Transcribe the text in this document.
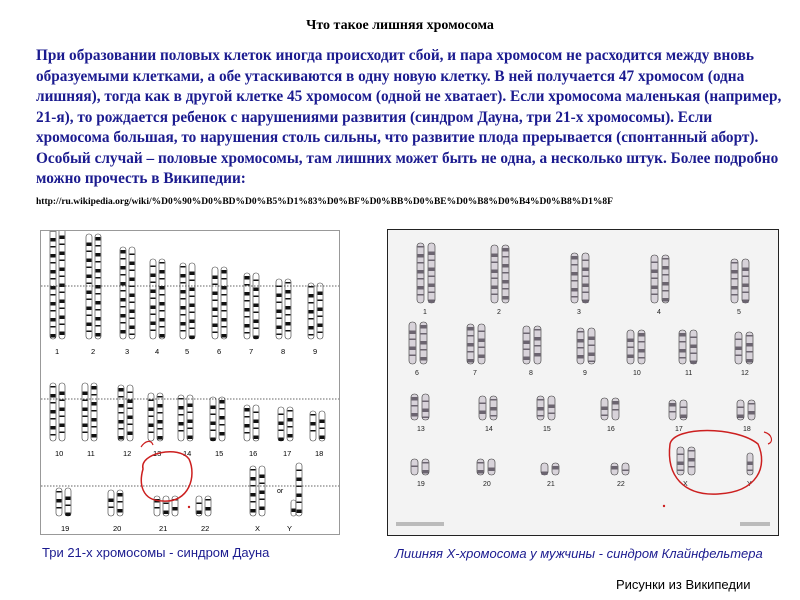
Что такое лишняя хромосома
При образовании половых клеток иногда происходит сбой, и пара хромосом не расходится между вновь образуемыми клетками, а обе утаскиваются в одну новую клетку. В ней получается 47 хромосом (одна лишняя), тогда как в другой клетке 45 хромосом (одной не хватает). Если хромосома маленькая (например, 21-я), то рождается ребенок с нарушениями развития (синдром Дауна, три 21-х хромосомы). Если хромосома большая, то нарушения столь сильны, что развитие плода прерывается (спонтанный аборт). Особый случай – половые хромосомы, там лишних может быть не одна, а несколько штук. Более подробно можно прочесть в Википедии: http://ru.wikipedia.org/wiki/%D0%90%D0%BD%D0%B5%D1%83%D0%BF%D0%BB%D0%BE%D0%B8%D0%B4%D0%B8%D1%8F
1	2	3	4	5	6	7	8	9
10	11	12	13	14	15	16	17	18
19	20	21	22	X	Y
or
1	2	3	4	5
6	7	8	9	10	11	12
13	14	15	16	17	18
19	20	21	22	X	Y
Три 21-х хромосомы - синдром Дауна	Лишняя X-хромосома у мужчины - синдром Клайнфельтера
Рисунки из Википедии
